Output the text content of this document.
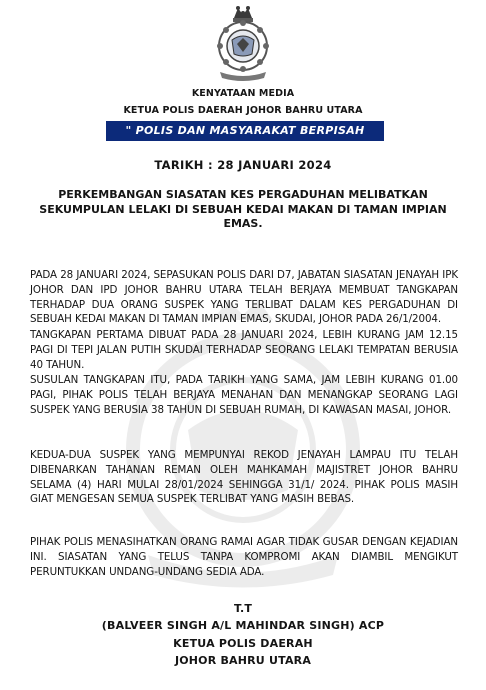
KENYATAAN MEDIA
KETUA POLIS DAERAH JOHOR BAHRU UTARA
" POLIS DAN MASYARAKAT BERPISAH TIADA "
TARIKH : 28 JANUARI 2024
PERKEMBANGAN SIASATAN KES PERGADUHAN MELIBATKAN SEKUMPULAN LELAKI DI SEBUAH KEDAI MAKAN DI TAMAN IMPIAN EMAS.
PADA 28 JANUARI 2024, SEPASUKAN POLIS DARI D7, JABATAN SIASATAN JENAYAH IPK JOHOR DAN IPD JOHOR BAHRU UTARA TELAH BERJAYA MEMBUAT TANGKAPAN TERHADAP DUA ORANG SUSPEK YANG TERLIBAT DALAM KES PERGADUHAN DI SEBUAH KEDAI MAKAN DI TAMAN IMPIAN EMAS, SKUDAI, JOHOR PADA 26/1/2004.
TANGKAPAN PERTAMA DIBUAT PADA 28 JANUARI 2024, LEBIH KURANG JAM 12.15 PAGI DI TEPI JALAN PUTIH SKUDAI TERHADAP SEORANG LELAKI TEMPATAN BERUSIA 40 TAHUN.
SUSULAN TANGKAPAN ITU, PADA TARIKH YANG SAMA, JAM LEBIH KURANG 01.00 PAGI, PIHAK POLIS TELAH BERJAYA MENAHAN DAN MENANGKAP SEORANG LAGI SUSPEK YANG BERUSIA 38 TAHUN DI SEBUAH RUMAH, DI KAWASAN MASAI, JOHOR.
KEDUA-DUA SUSPEK YANG MEMPUNYAI REKOD JENAYAH LAMPAU ITU TELAH DIBENARKAN TAHANAN REMAN OLEH MAHKAMAH MAJISTRET JOHOR BAHRU SELAMA (4) HARI MULAI 28/01/2024 SEHINGGA 31/1/ 2024. PIHAK POLIS MASIH GIAT MENGESAN SEMUA SUSPEK TERLIBAT YANG MASIH BEBAS.
PIHAK POLIS MENASIHATKAN ORANG RAMAI AGAR TIDAK GUSAR DENGAN KEJADIAN INI. SIASATAN YANG TELUS TANPA KOMPROMI AKAN DIAMBIL MENGIKUT PERUNTUKKAN UNDANG-UNDANG SEDIA ADA.
T.T
(BALVEER SINGH A/L MAHINDAR SINGH) ACP
KETUA POLIS DAERAH
JOHOR BAHRU UTARA
